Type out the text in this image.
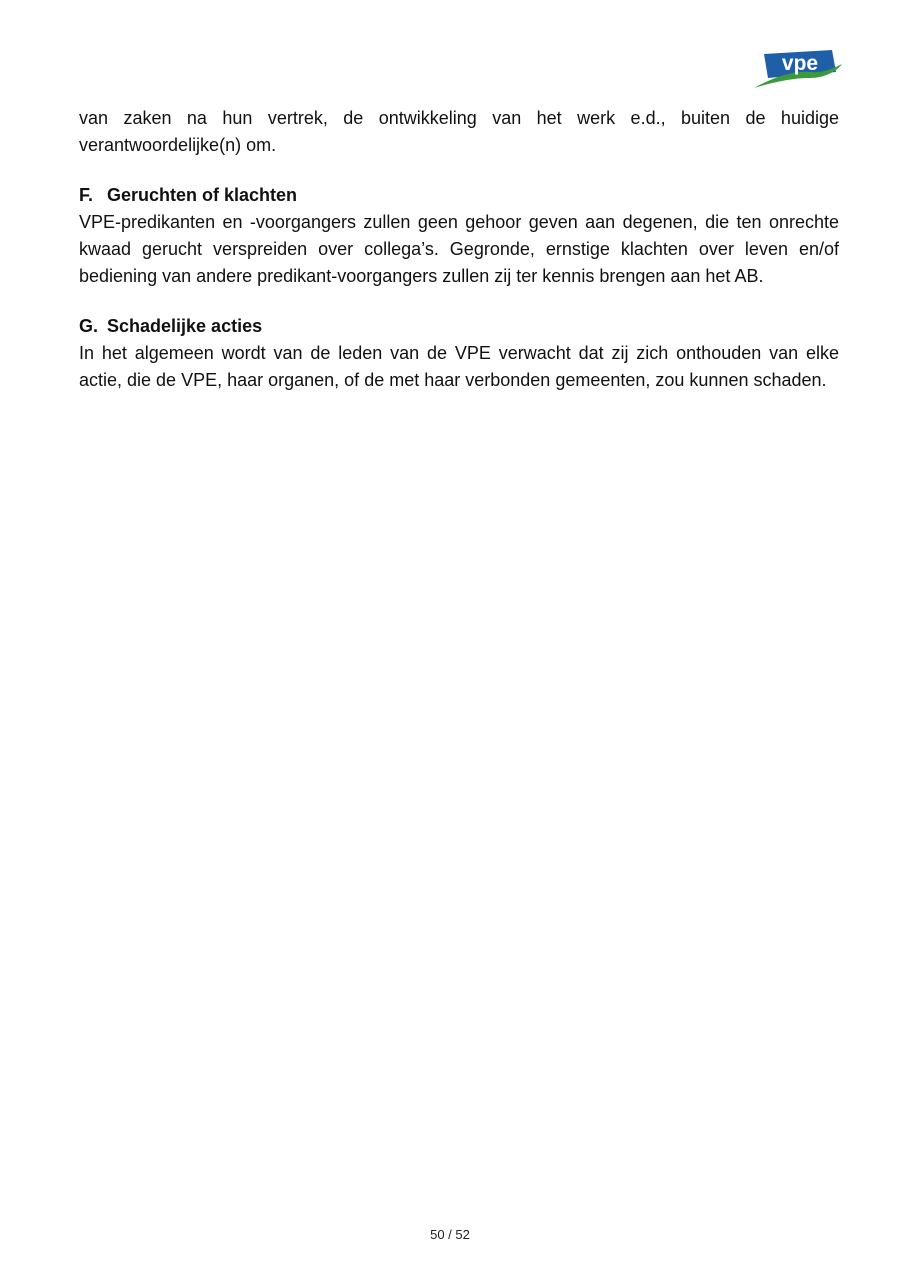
vpe

van zaken na hun vertrek, de ontwikkeling van het werk e.d., buiten de huidige verantwoordelijke(n) om.

F. Geruchten of klachten

VPE-predikanten en -voorgangers zullen geen gehoor geven aan degenen, die ten onrechte kwaad gerucht verspreiden over collega’s. Gegronde, ernstige klachten over leven en/of bediening van andere predikant-voorgangers zullen zij ter kennis brengen aan het AB.

G. Schadelijke acties

In het algemeen wordt van de leden van de VPE verwacht dat zij zich onthouden van elke actie, die de VPE, haar organen, of de met haar verbonden gemeenten, zou kunnen schaden.

50 / 52
